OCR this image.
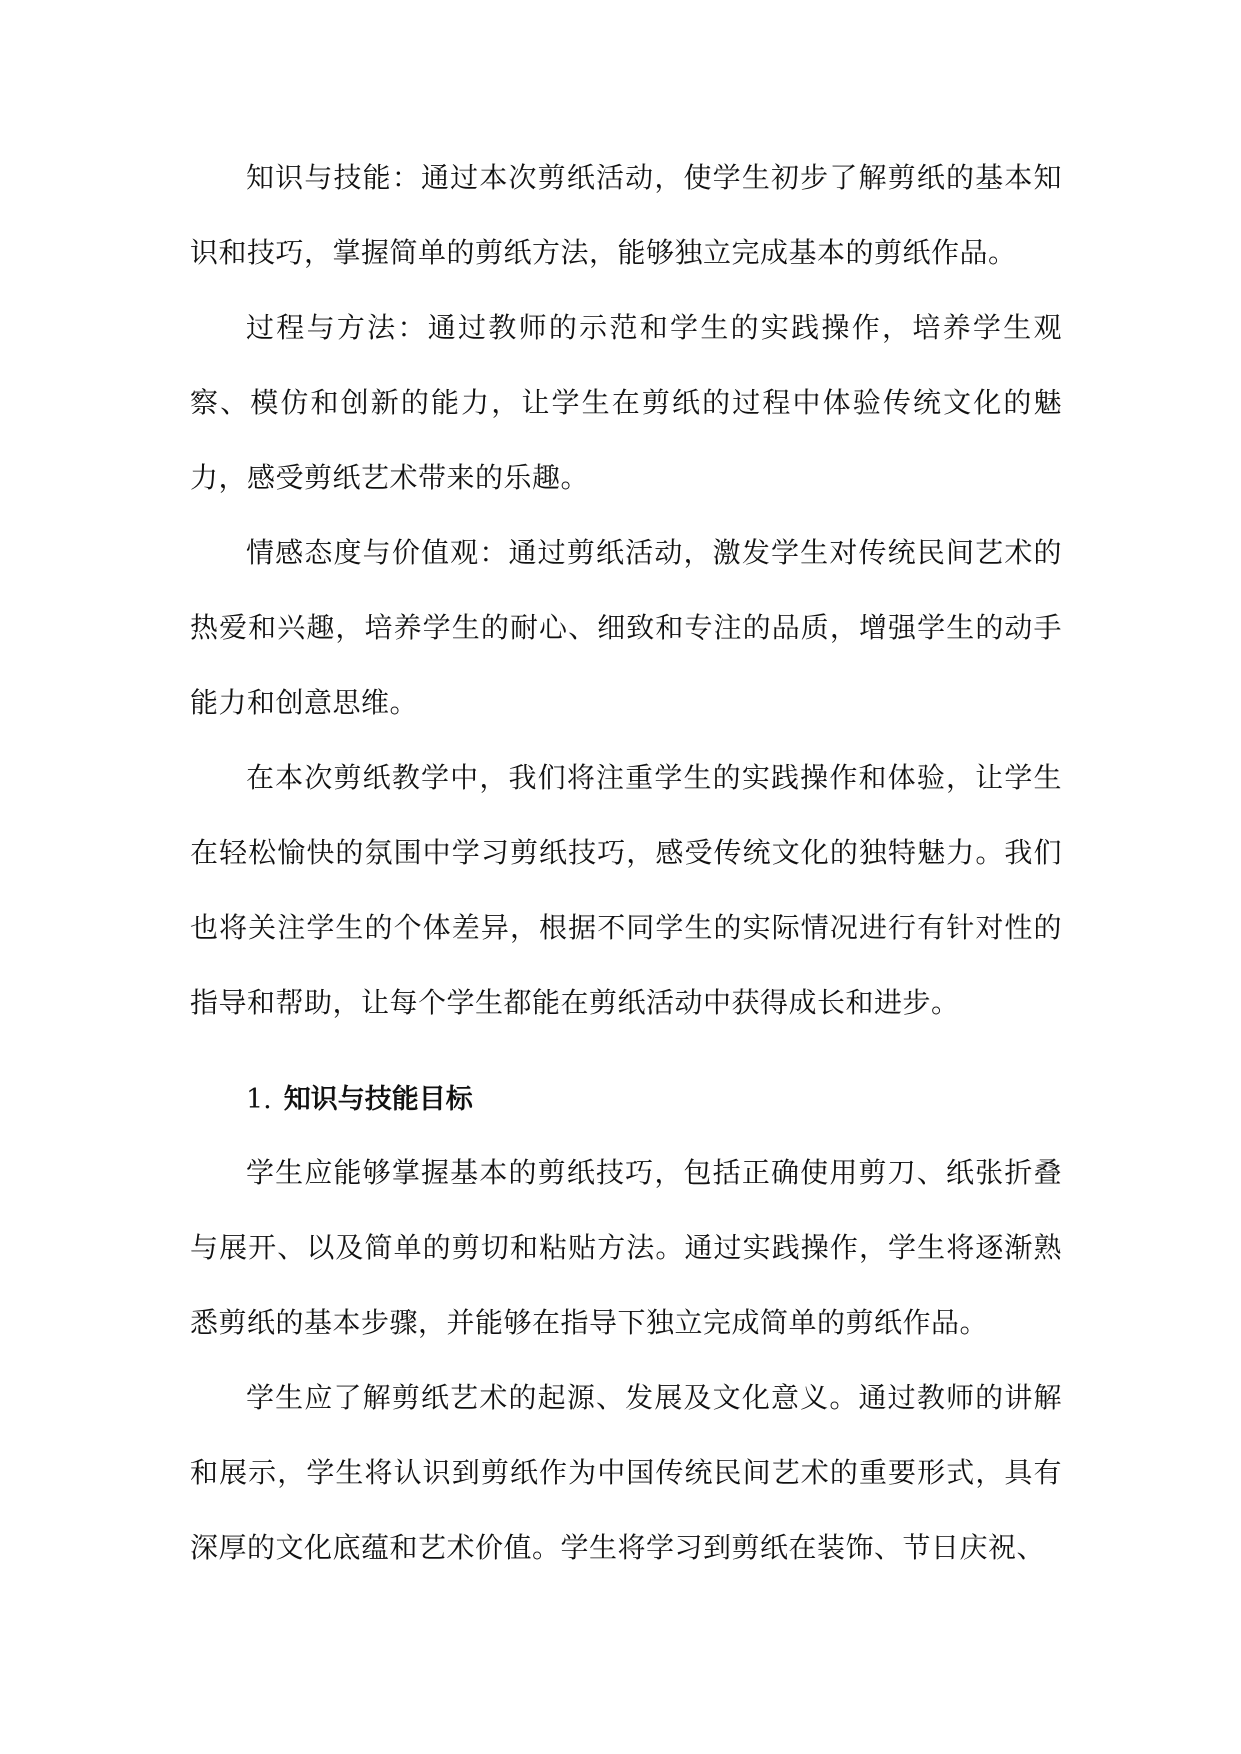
知识与技能：通过本次剪纸活动，使学生初步了解剪纸的基本知识和技巧，掌握简单的剪纸方法，能够独立完成基本的剪纸作品。

过程与方法：通过教师的示范和学生的实践操作，培养学生观察、模仿和创新的能力，让学生在剪纸的过程中体验传统文化的魅力，感受剪纸艺术带来的乐趣。

情感态度与价值观：通过剪纸活动，激发学生对传统民间艺术的热爱和兴趣，培养学生的耐心、细致和专注的品质，增强学生的动手能力和创意思维。

在本次剪纸教学中，我们将注重学生的实践操作和体验，让学生在轻松愉快的氛围中学习剪纸技巧，感受传统文化的独特魅力。我们也将关注学生的个体差异，根据不同学生的实际情况进行有针对性的指导和帮助，让每个学生都能在剪纸活动中获得成长和进步。

1. 知识与技能目标

学生应能够掌握基本的剪纸技巧，包括正确使用剪刀、纸张折叠与展开、以及简单的剪切和粘贴方法。通过实践操作，学生将逐渐熟悉剪纸的基本步骤，并能够在指导下独立完成简单的剪纸作品。

学生应了解剪纸艺术的起源、发展及文化意义。通过教师的讲解和展示，学生将认识到剪纸作为中国传统民间艺术的重要形式，具有深厚的文化底蕴和艺术价值。学生将学习到剪纸在装饰、节日庆祝、
